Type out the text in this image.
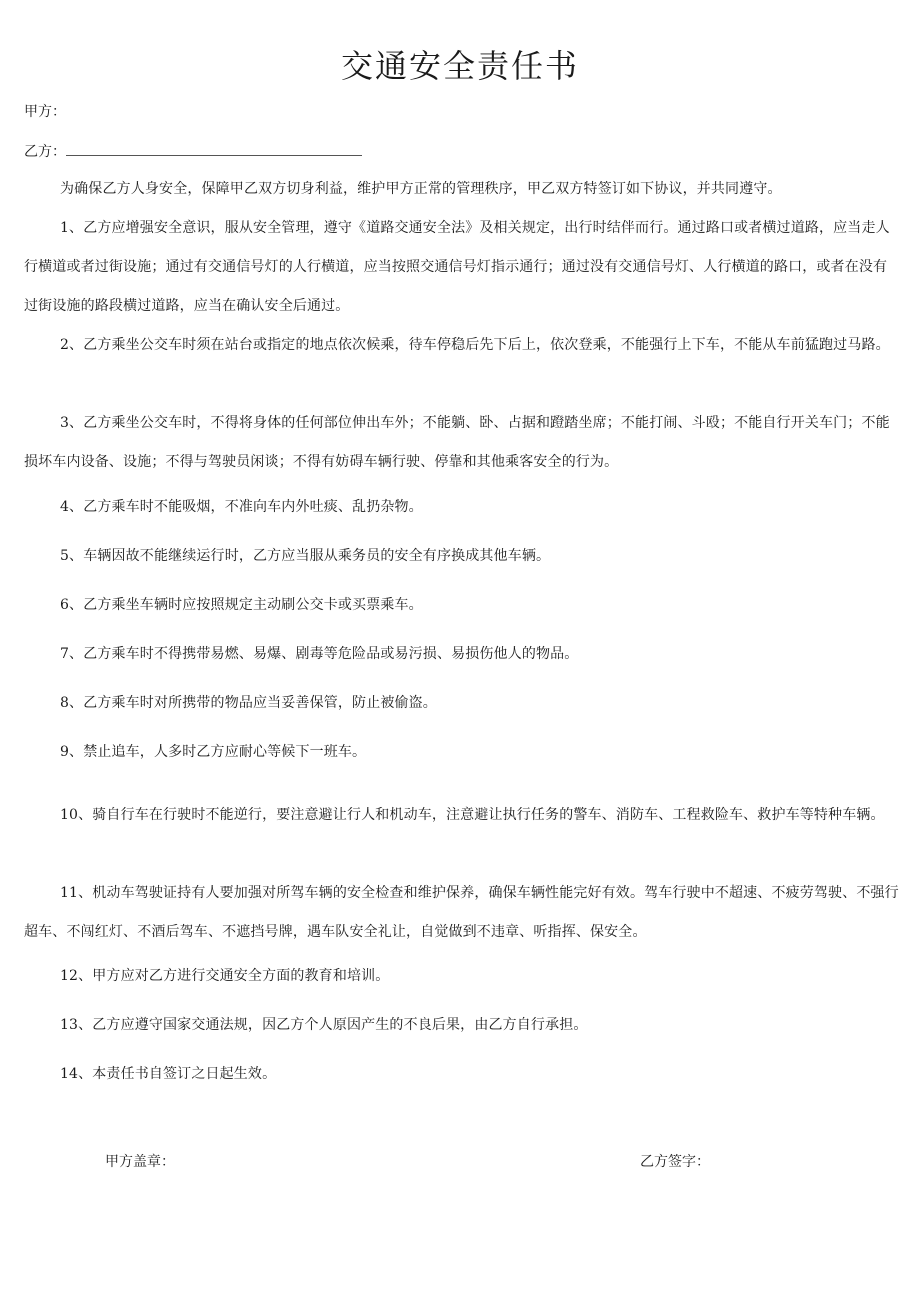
交通安全责任书
甲方：
乙方：

为确保乙方人身安全，保障甲乙双方切身利益，维护甲方正常的管理秩序，甲乙双方特签订如下协议，并共同遵守。

1、乙方应增强安全意识，服从安全管理，遵守《道路交通安全法》及相关规定，出行时结伴而行。通过路口或者横过道路，应当走人行横道或者过街设施；通过有交通信号灯的人行横道，应当按照交通信号灯指示通行；通过没有交通信号灯、人行横道的路口，或者在没有过街设施的路段横过道路，应当在确认安全后通过。

2、乙方乘坐公交车时须在站台或指定的地点依次候乘，待车停稳后先下后上，依次登乘，不能强行上下车，不能从车前猛跑过马路。

3、乙方乘坐公交车时，不得将身体的任何部位伸出车外；不能躺、卧、占据和蹬踏坐席；不能打闹、斗殴；不能自行开关车门；不能损坏车内设备、设施；不得与驾驶员闲谈；不得有妨碍车辆行驶、停靠和其他乘客安全的行为。

4、乙方乘车时不能吸烟，不准向车内外吐痰、乱扔杂物。

5、车辆因故不能继续运行时，乙方应当服从乘务员的安全有序换成其他车辆。

6、乙方乘坐车辆时应按照规定主动刷公交卡或买票乘车。

7、乙方乘车时不得携带易燃、易爆、剧毒等危险品或易污损、易损伤他人的物品。

8、乙方乘车时对所携带的物品应当妥善保管，防止被偷盗。

9、禁止追车，人多时乙方应耐心等候下一班车。

10、骑自行车在行驶时不能逆行，要注意避让行人和机动车，注意避让执行任务的警车、消防车、工程救险车、救护车等特种车辆。

11、机动车驾驶证持有人要加强对所驾车辆的安全检查和维护保养，确保车辆性能完好有效。驾车行驶中不超速、不疲劳驾驶、不强行超车、不闯红灯、不酒后驾车、不遮挡号牌，遇车队安全礼让，自觉做到不违章、听指挥、保安全。

12、甲方应对乙方进行交通安全方面的教育和培训。

13、乙方应遵守国家交通法规，因乙方个人原因产生的不良后果，由乙方自行承担。

14、本责任书自签订之日起生效。

甲方盖章：	乙方签字：
